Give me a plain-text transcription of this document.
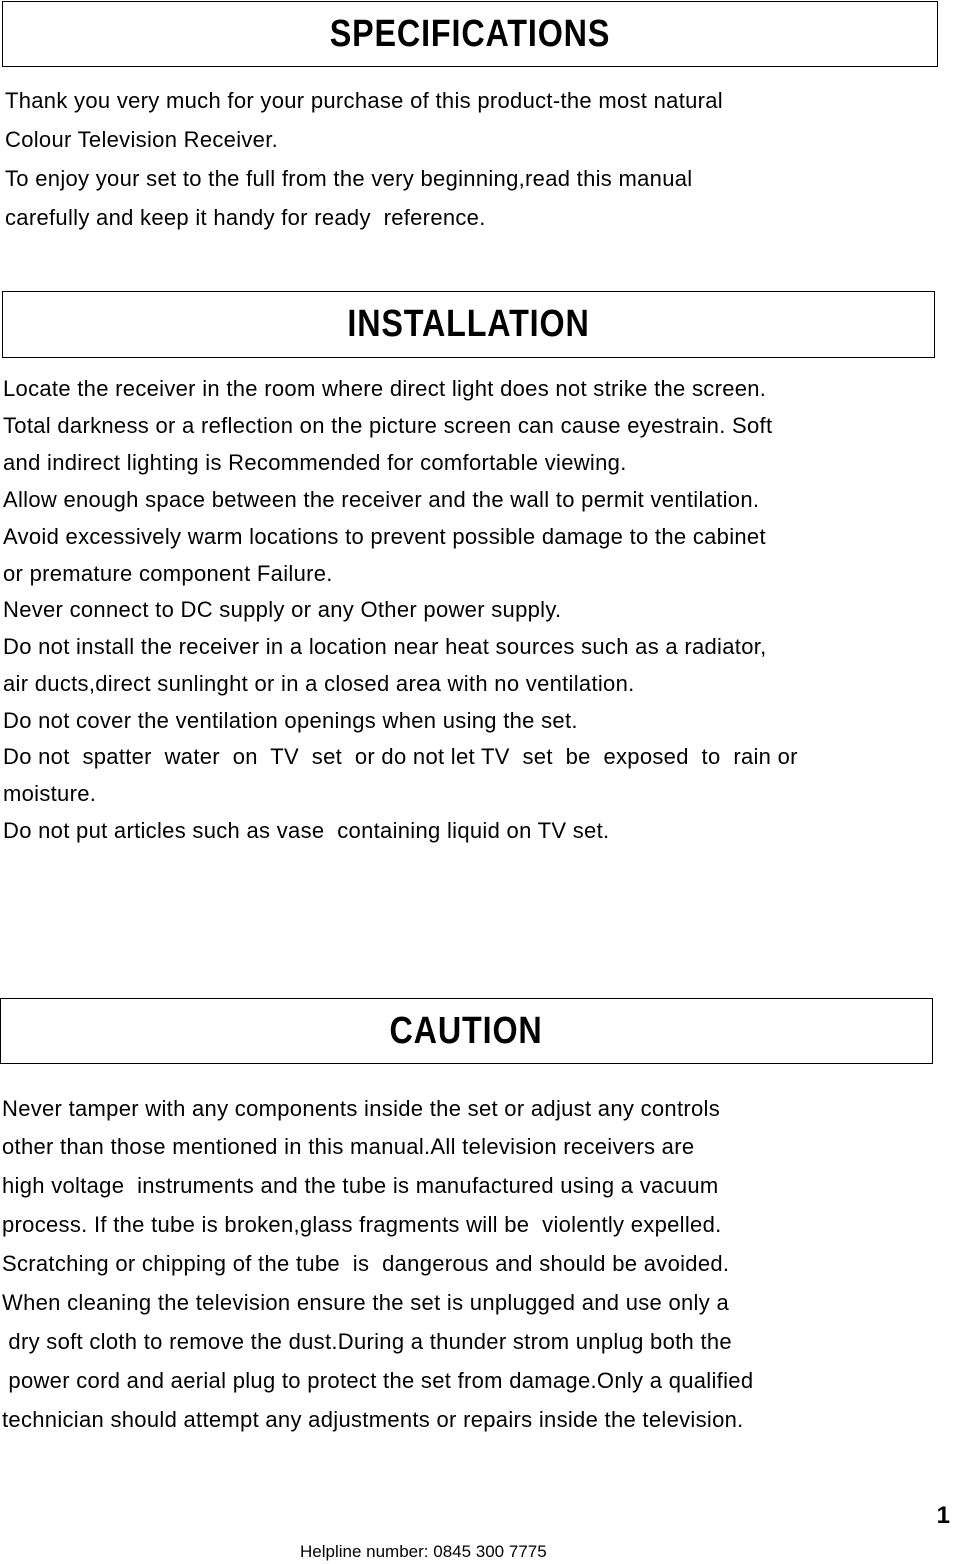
SPECIFICATIONS
Thank you very much for your purchase of this product-the most natural
Colour Television Receiver.
To enjoy your set to the full from the very beginning,read this manual
carefully and keep it handy for ready  reference.
INSTALLATION
Locate the receiver in the room where direct light does not strike the screen.
Total darkness or a reflection on the picture screen can cause eyestrain. Soft
and indirect lighting is Recommended for comfortable viewing.
Allow enough space between the receiver and the wall to permit ventilation.
Avoid excessively warm locations to prevent possible damage to the cabinet
or premature component Failure.
Never connect to DC supply or any Other power supply.
Do not install the receiver in a location near heat sources such as a radiator,
air ducts,direct sunlinght or in a closed area with no ventilation.
Do not cover the ventilation openings when using the set.
Do not  spatter  water  on  TV  set  or do not let TV  set  be  exposed  to  rain or
moisture.
Do not put articles such as vase  containing liquid on TV set.
CAUTION
Never tamper with any components inside the set or adjust any controls
other than those mentioned in this manual.All television receivers are
high voltage  instruments and the tube is manufactured using a vacuum
process. If the tube is broken,glass fragments will be  violently expelled.
Scratching or chipping of the tube  is  dangerous and should be avoided.
When cleaning the television ensure the set is unplugged and use only a
dry soft cloth to remove the dust.During a thunder strom unplug both the
power cord and aerial plug to protect the set from damage.Only a qualified
technician should attempt any adjustments or repairs inside the television.
1
Helpline number: 0845 300 7775
